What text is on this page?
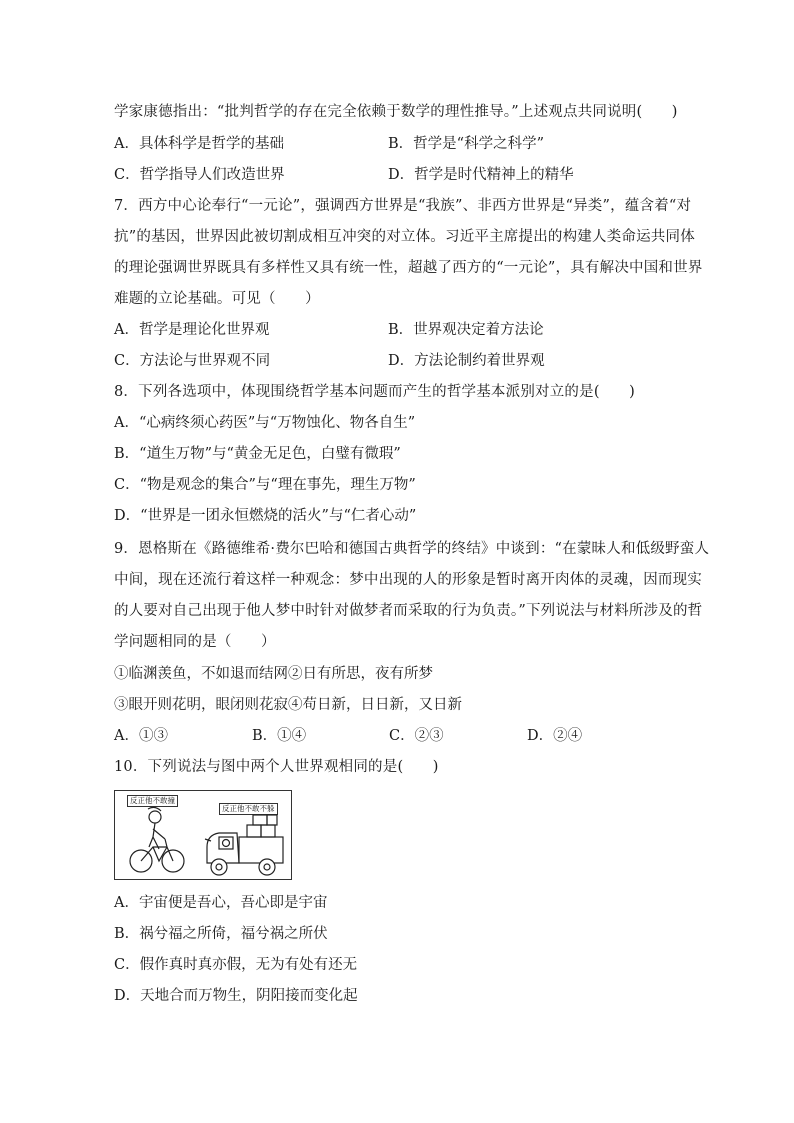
学家康德指出：“批判哲学的存在完全依赖于数学的理性推导。”上述观点共同说明(　　)
A．具体科学是哲学的基础	B．哲学是“科学之科学”
C．哲学指导人们改造世界	D．哲学是时代精神上的精华
7．西方中心论奉行“一元论”，强调西方世界是“我族”、非西方世界是“异类”，蕴含着“对
抗”的基因，世界因此被切割成相互冲突的对立体。习近平主席提出的构建人类命运共同体
的理论强调世界既具有多样性又具有统一性，超越了西方的“一元论”，具有解决中国和世界
难题的立论基础。可见（　　）
A．哲学是理论化世界观	B．世界观决定着方法论
C．方法论与世界观不同	D．方法论制约着世界观
8．下列各选项中，体现围绕哲学基本问题而产生的哲学基本派别对立的是(　　)
A．“心病终须心药医”与“万物蚀化、物各自生”
B．“道生万物”与“黄金无足色，白璧有微瑕”
C．“物是观念的集合”与“理在事先，理生万物”
D．“世界是一团永恒燃烧的活火”与“仁者心动”
9．恩格斯在《路德维希·费尔巴哈和德国古典哲学的终结》中谈到：“在蒙昧人和低级野蛮人
中间，现在还流行着这样一种观念：梦中出现的人的形象是暂时离开肉体的灵魂，因而现实
的人要对自己出现于他人梦中时针对做梦者而采取的行为负责。”下列说法与材料所涉及的哲
学问题相同的是（　　）
①临渊羡鱼，不如退而结网②日有所思，夜有所梦
③眼开则花明，眼闭则花寂④苟日新，日日新，又日新
A．①③	B．①④	C．②③	D．②④
10．下列说法与图中两个人世界观相同的是(　　)
反正他不敢撞
反正他不敢不躲
A．宇宙便是吾心，吾心即是宇宙
B．祸兮福之所倚，福兮祸之所伏
C．假作真时真亦假，无为有处有还无
D．天地合而万物生，阴阳接而变化起
